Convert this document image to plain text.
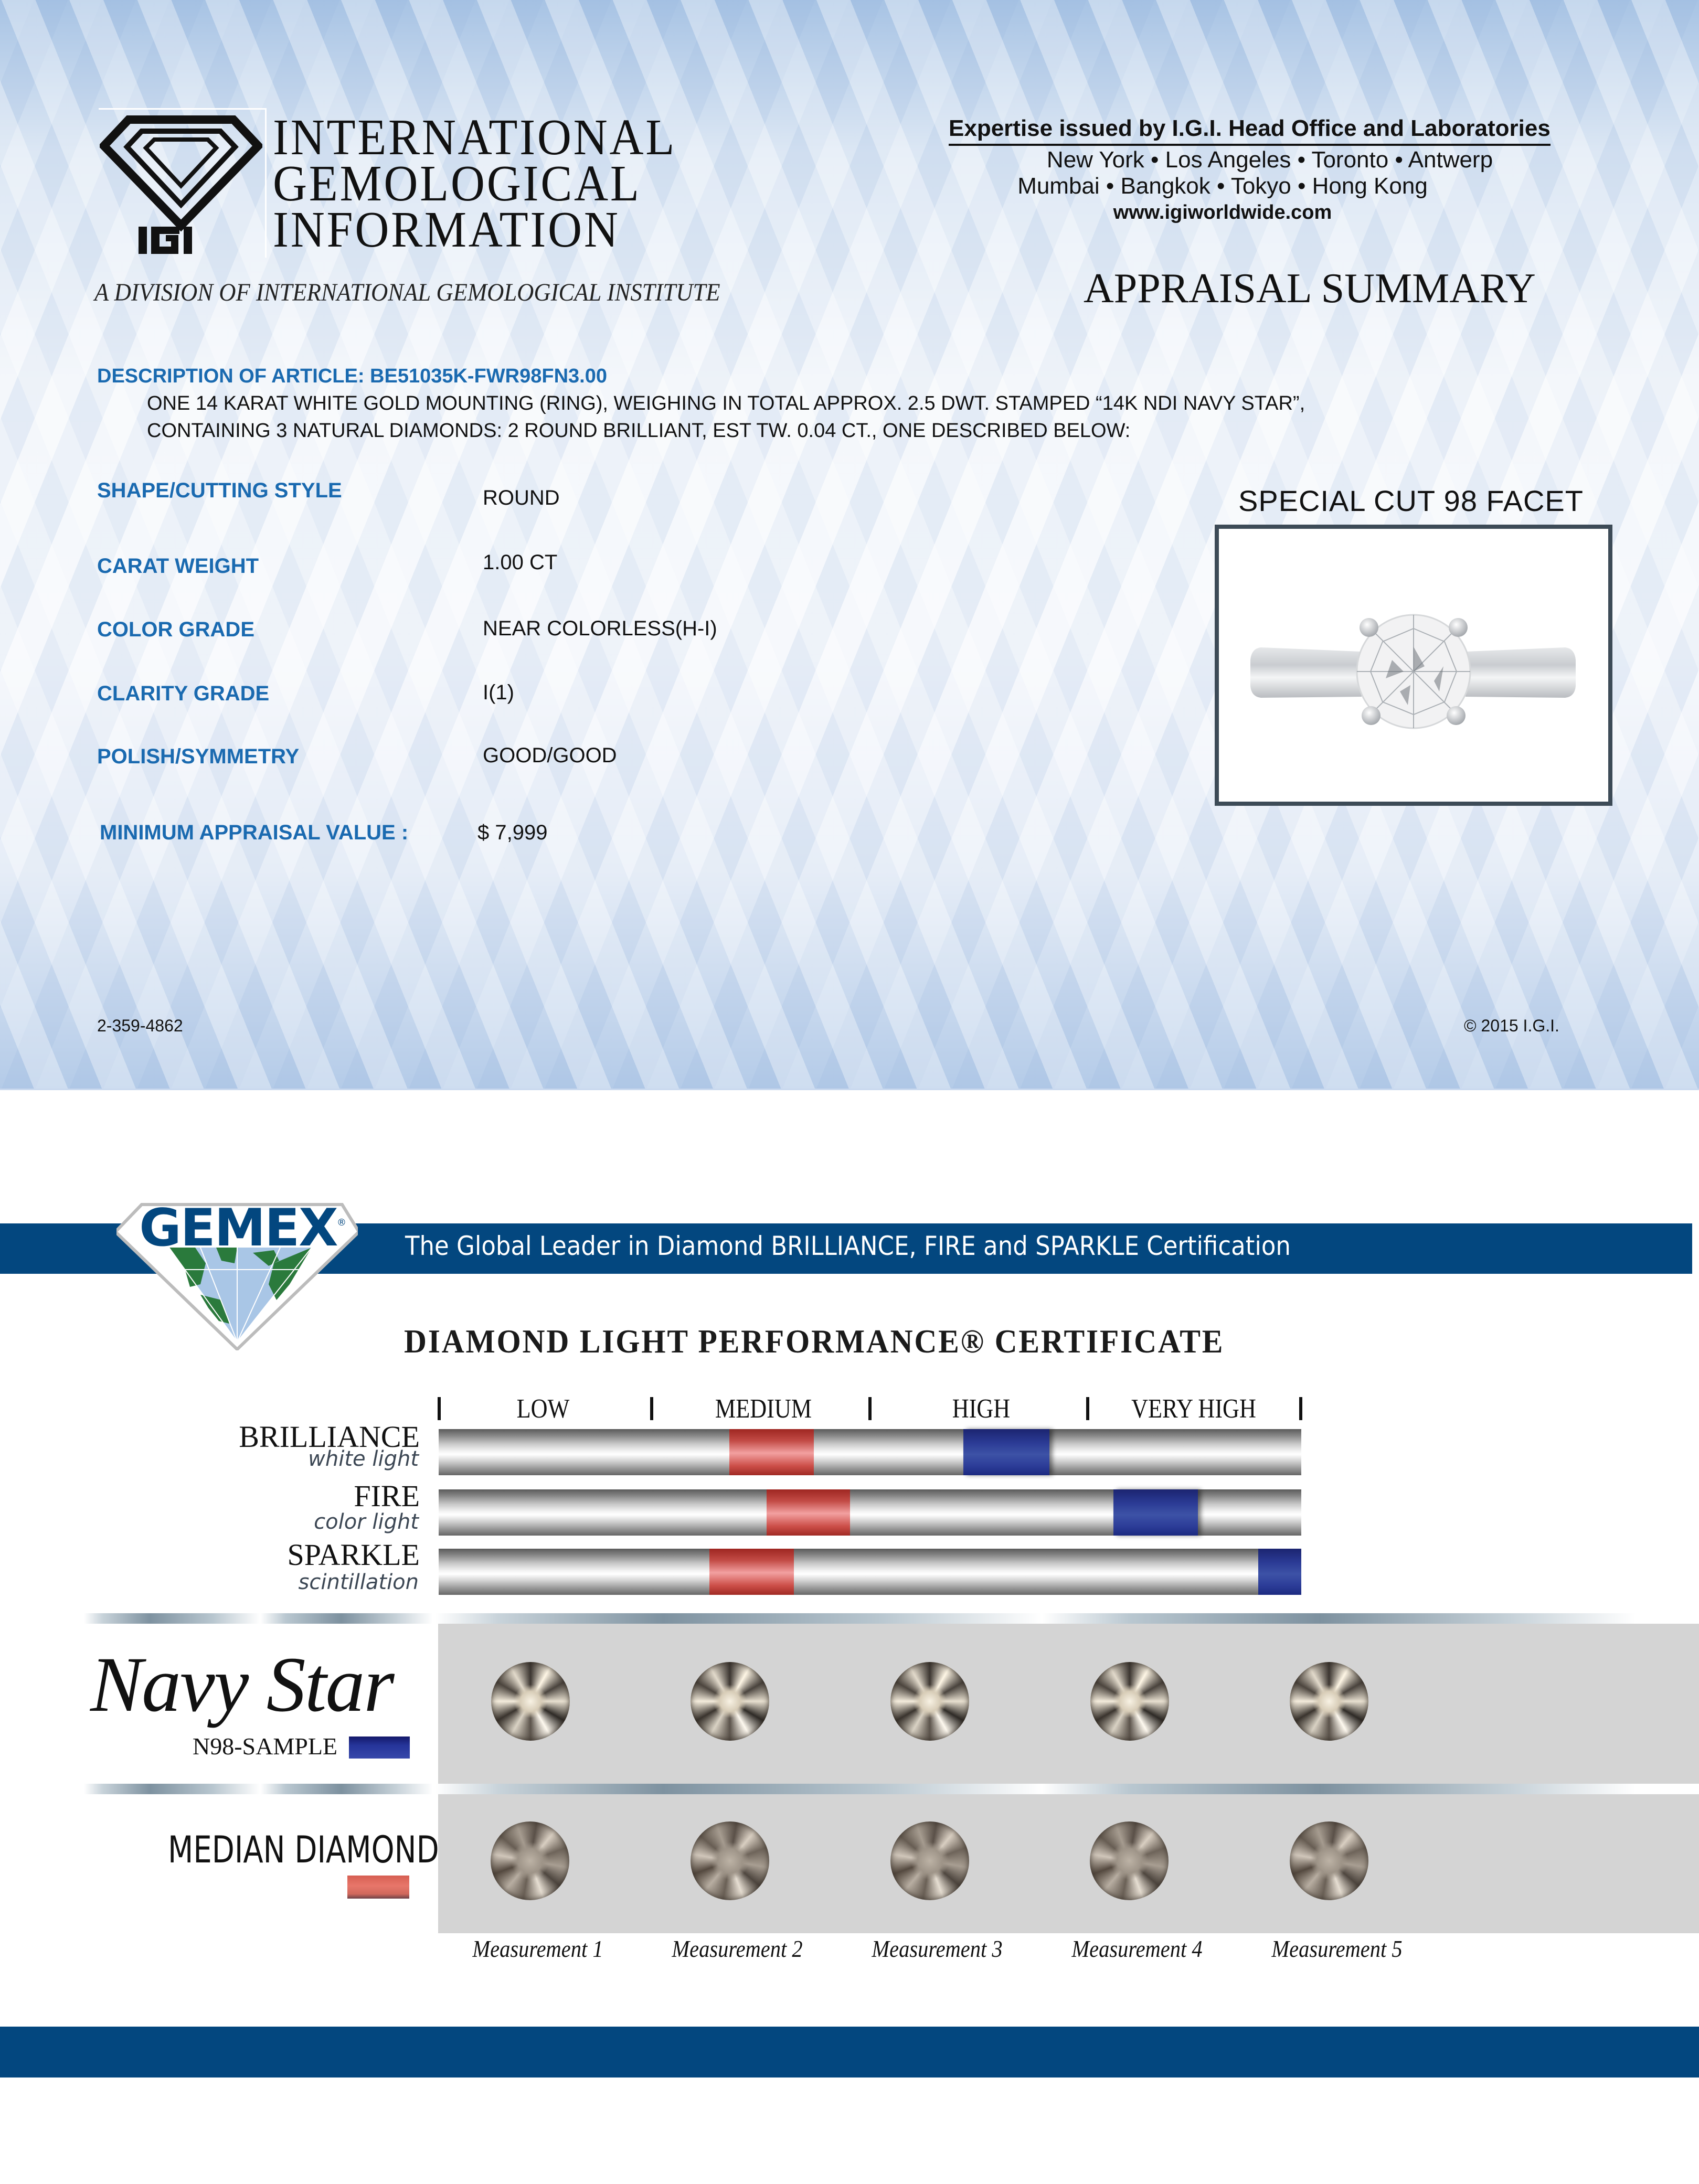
INTERNATIONAL
GEMOLOGICAL
INFORMATION
A DIVISION OF INTERNATIONAL GEMOLOGICAL INSTITUTE
Expertise issued by I.G.I. Head Office and Laboratories
New York • Los Angeles • Toronto • Antwerp
Mumbai • Bangkok • Tokyo • Hong Kong
www.igiworldwide.com
APPRAISAL SUMMARY
DESCRIPTION OF ARTICLE: BE51035K-FWR98FN3.00
ONE 14 KARAT WHITE GOLD MOUNTING (RING), WEIGHING IN TOTAL APPROX. 2.5 DWT. STAMPED “14K NDI NAVY STAR”,
CONTAINING 3 NATURAL DIAMONDS: 2 ROUND BRILLIANT, EST TW. 0.04 CT., ONE DESCRIBED BELOW:
SHAPE/CUTTING STYLE	ROUND
CARAT WEIGHT	1.00 CT
COLOR GRADE	NEAR COLORLESS(H-I)
CLARITY GRADE	I(1)
POLISH/SYMMETRY	GOOD/GOOD
MINIMUM APPRAISAL VALUE :	$ 7,999
SPECIAL CUT 98 FACET
2-359-4862	© 2015 I.G.I.
The Global Leader in Diamond BRILLIANCE, FIRE and SPARKLE Certification
GEMEX ®
DIAMOND LIGHT PERFORMANCE® CERTIFICATE
LOW	MEDIUM	HIGH	VERY HIGH
BRILLIANCE
white light
FIRE
color light
SPARKLE
scintillation
Navy Star
N98-SAMPLE
MEDIAN DIAMOND
Measurement 1	Measurement 2	Measurement 3	Measurement 4	Measurement 5
